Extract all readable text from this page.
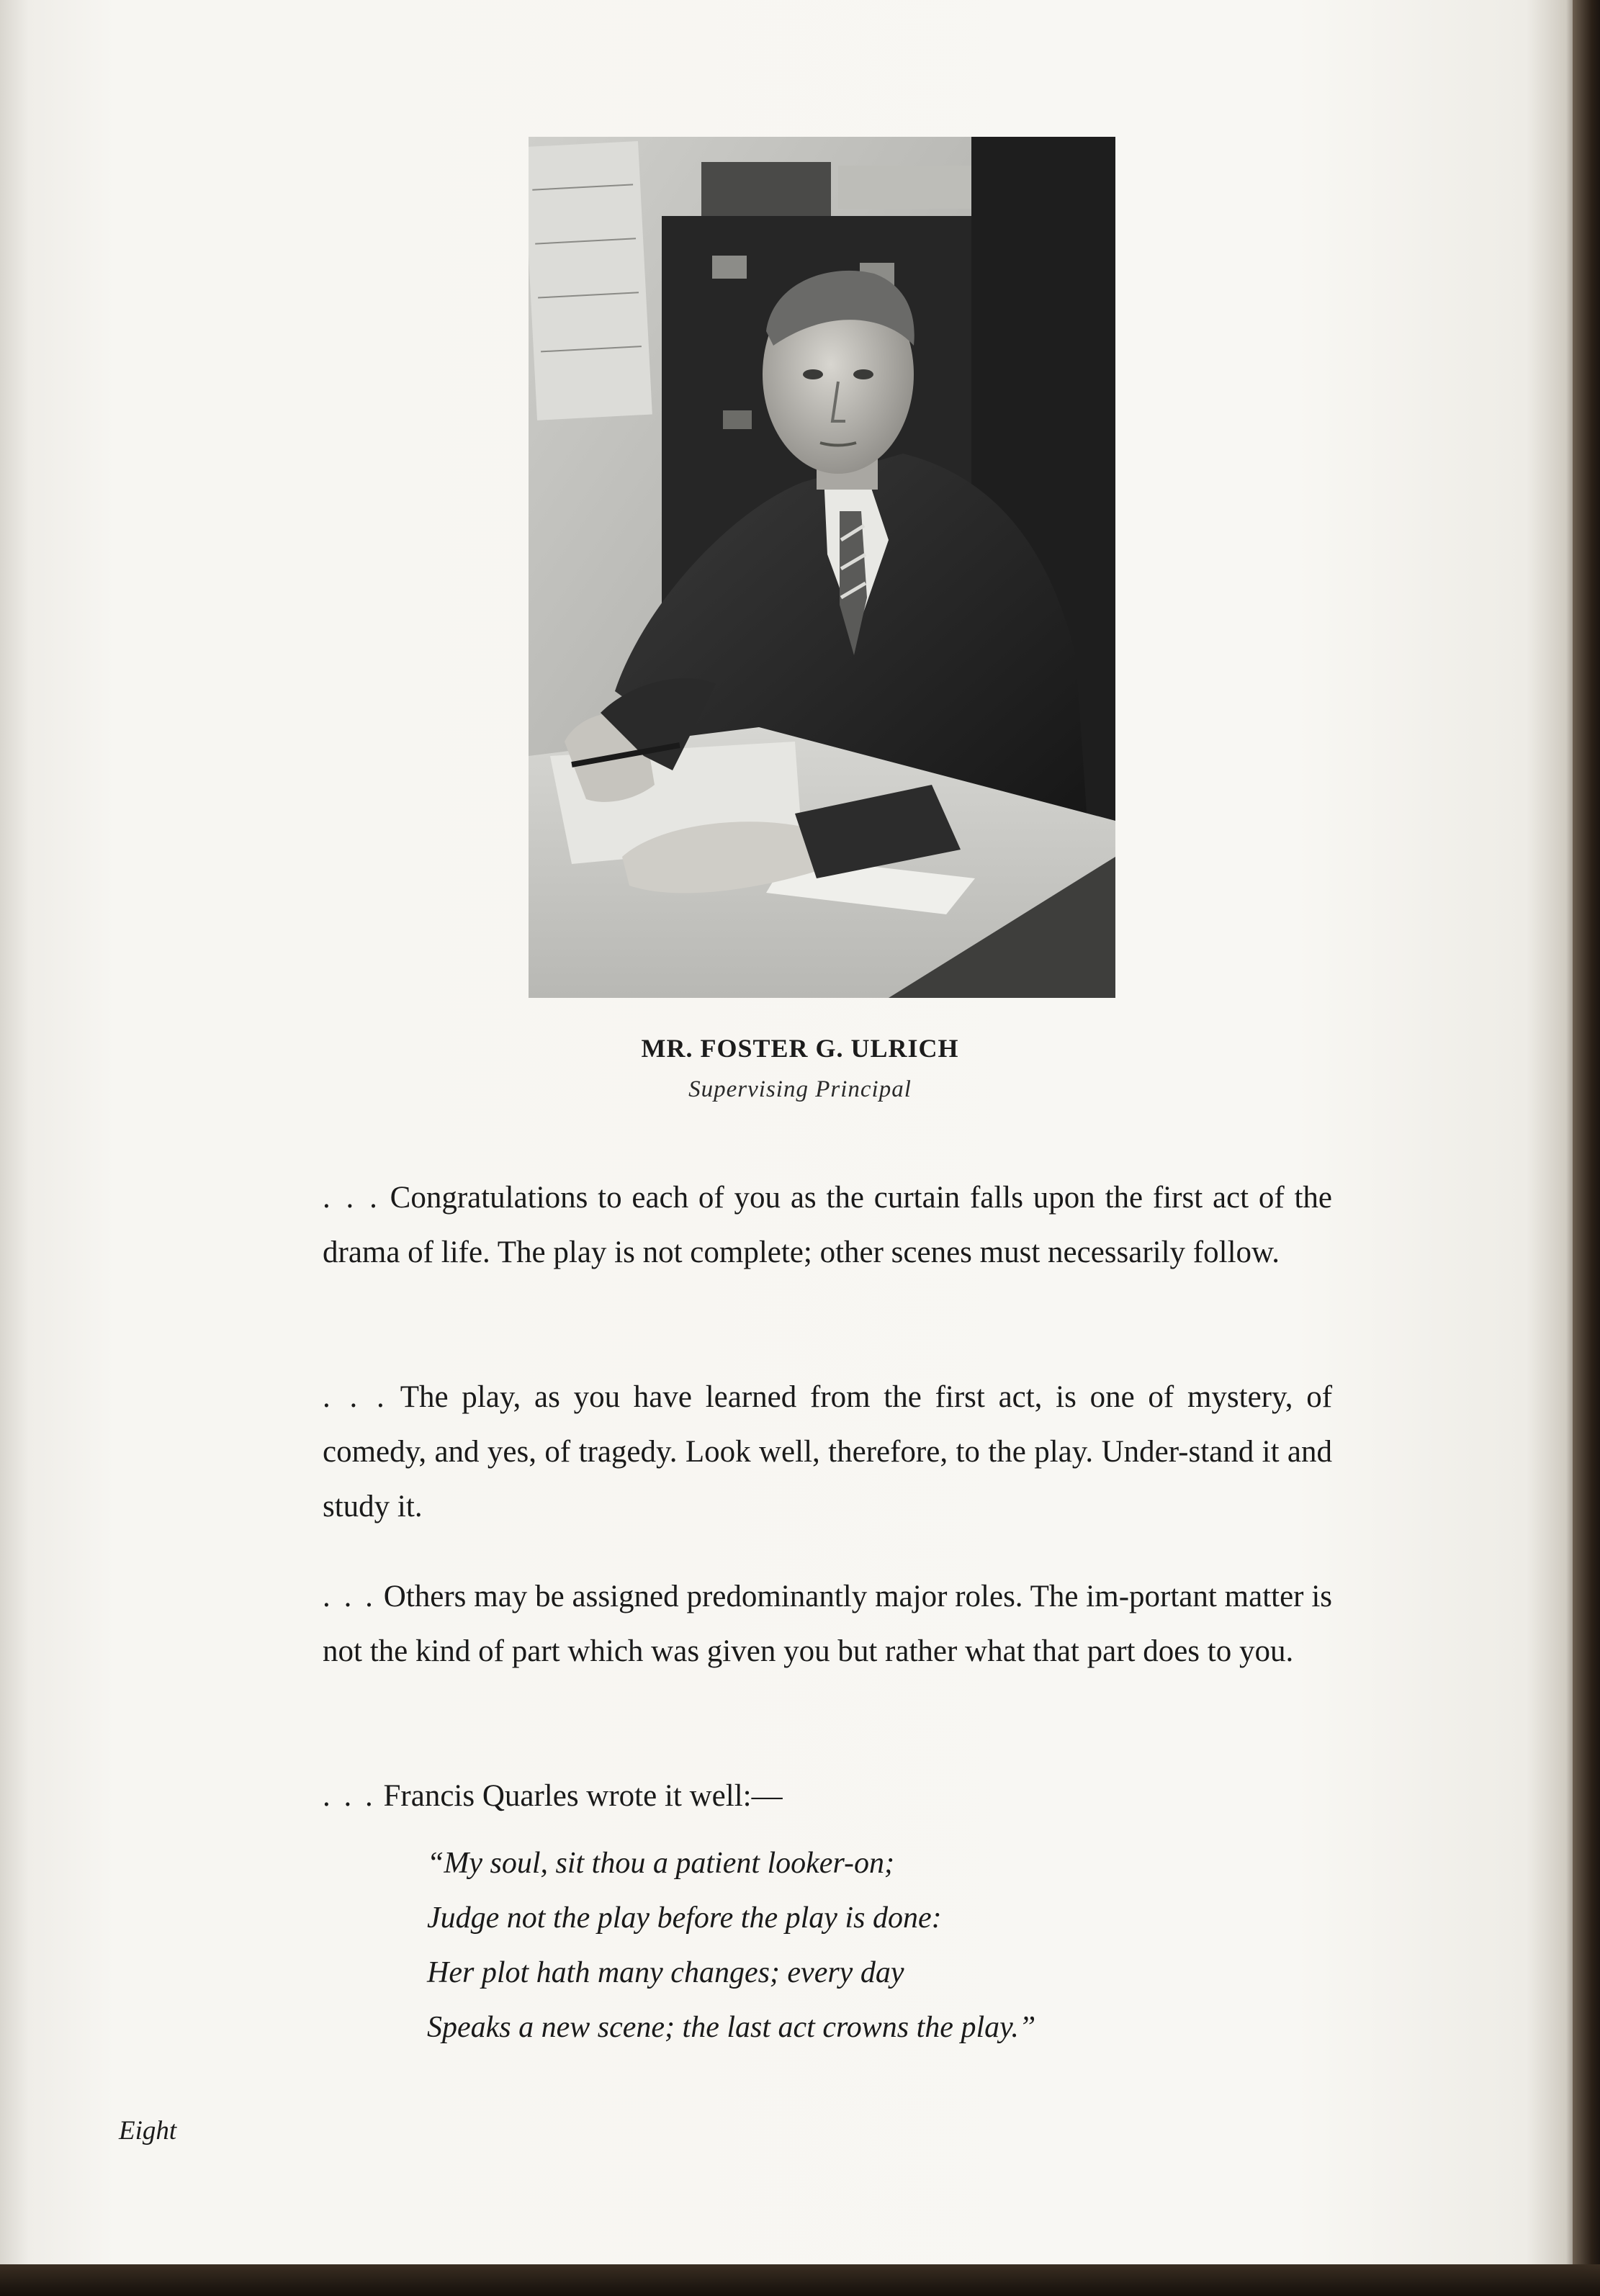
MR. FOSTER G. ULRICH
Supervising Principal

. . . Congratulations to each of you as the curtain falls upon the first act of the drama of life. The play is not complete; other scenes must necessarily follow.

. . . The play, as you have learned from the first act, is one of mystery, of comedy, and yes, of tragedy. Look well, therefore, to the play. Under-stand it and study it.

. . . Others may be assigned predominantly major roles. The im-portant matter is not the kind of part which was given you but rather what that part does to you.

. . . Francis Quarles wrote it well:—

“My soul, sit thou a patient looker-on;
Judge not the play before the play is done:
Her plot hath many changes; every day
Speaks a new scene; the last act crowns the play.”
Eight
